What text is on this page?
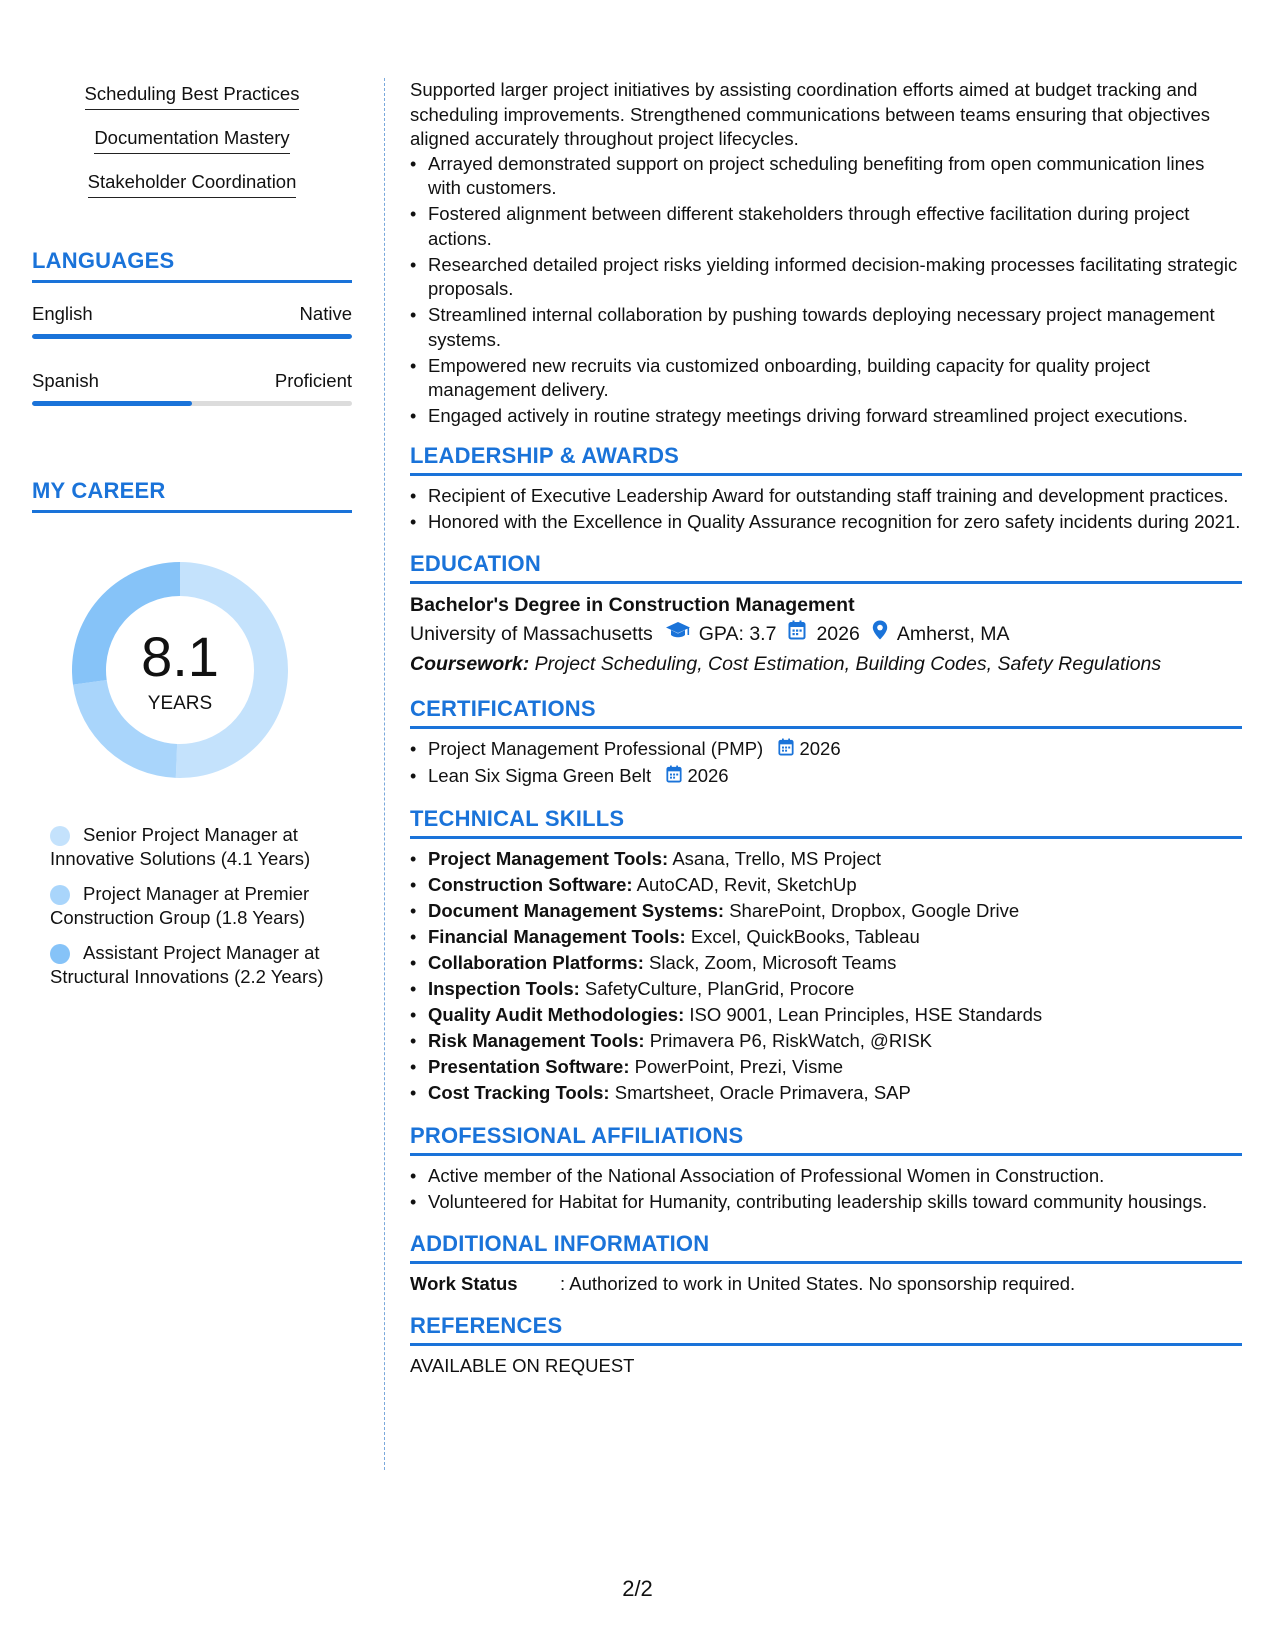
Scheduling Best Practices
Documentation Mastery
Stakeholder Coordination
LANGUAGES
English	Native
Spanish	Proficient
MY CAREER
8.1
YEARS
Senior Project Manager at Innovative Solutions (4.1 Years)
Project Manager at Premier Construction Group (1.8 Years)
Assistant Project Manager at Structural Innovations (2.2 Years)

Supported larger project initiatives by assisting coordination efforts aimed at budget tracking and scheduling improvements. Strengthened communications between teams ensuring that objectives aligned accurately throughout project lifecycles.

• Arrayed demonstrated support on project scheduling benefiting from open communication lines with customers.
• Fostered alignment between different stakeholders through effective facilitation during project actions.
• Researched detailed project risks yielding informed decision-making processes facilitating strategic proposals.
• Streamlined internal collaboration by pushing towards deploying necessary project management systems.
• Empowered new recruits via customized onboarding, building capacity for quality project management delivery.
• Engaged actively in routine strategy meetings driving forward streamlined project executions.
LEADERSHIP & AWARDS
• Recipient of Executive Leadership Award for outstanding staff training and development practices.
• Honored with the Excellence in Quality Assurance recognition for zero safety incidents during 2021.
EDUCATION
Bachelor's Degree in Construction Management
University of Massachusetts GPA: 3.7 2026 Amherst, MA
Coursework: Project Scheduling, Cost Estimation, Building Codes, Safety Regulations
CERTIFICATIONS
• Project Management Professional (PMP) 2026
• Lean Six Sigma Green Belt 2026
TECHNICAL SKILLS
• Project Management Tools: Asana, Trello, MS Project
• Construction Software: AutoCAD, Revit, SketchUp
• Document Management Systems: SharePoint, Dropbox, Google Drive
• Financial Management Tools: Excel, QuickBooks, Tableau
• Collaboration Platforms: Slack, Zoom, Microsoft Teams
• Inspection Tools: SafetyCulture, PlanGrid, Procore
• Quality Audit Methodologies: ISO 9001, Lean Principles, HSE Standards
• Risk Management Tools: Primavera P6, RiskWatch, @RISK
• Presentation Software: PowerPoint, Prezi, Visme
• Cost Tracking Tools: Smartsheet, Oracle Primavera, SAP
PROFESSIONAL AFFILIATIONS
• Active member of the National Association of Professional Women in Construction.
• Volunteered for Habitat for Humanity, contributing leadership skills toward community housings.
ADDITIONAL INFORMATION
Work Status	: Authorized to work in United States. No sponsorship required.
REFERENCES
AVAILABLE ON REQUEST
2/2
